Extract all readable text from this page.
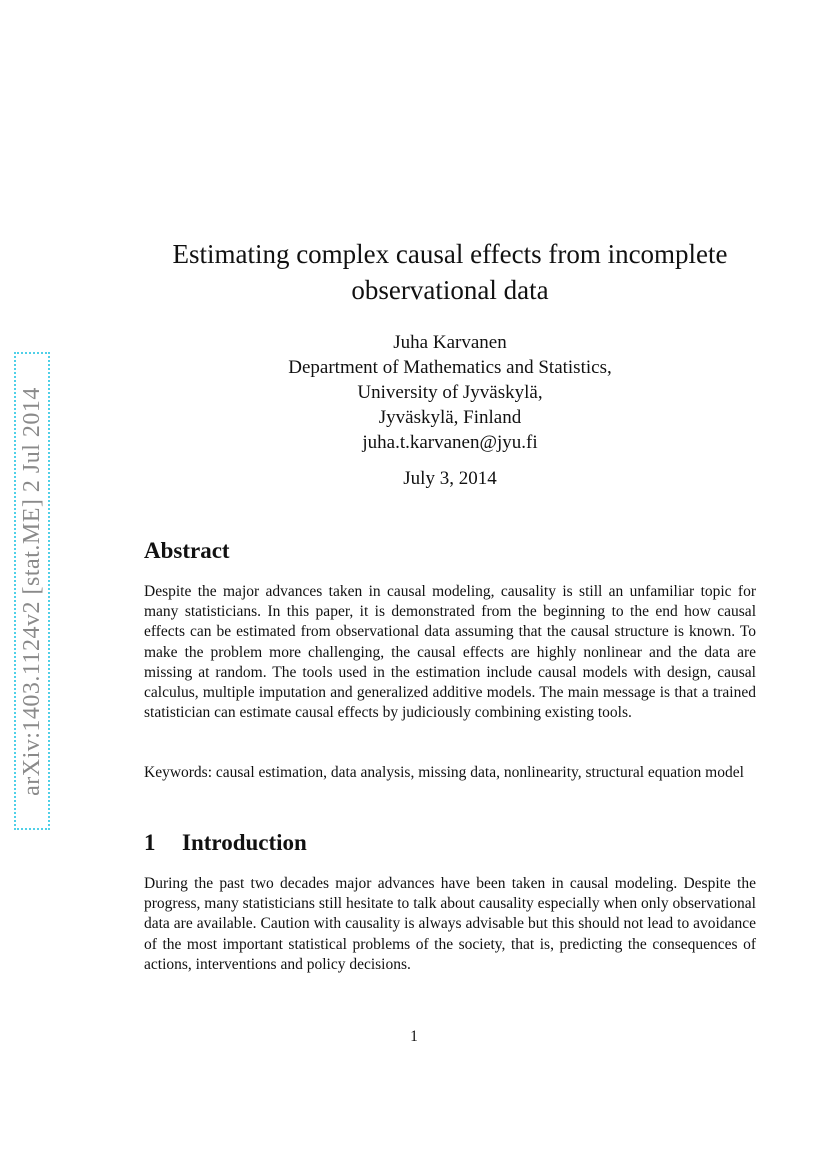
arXiv:1403.1124v2 [stat.ME] 2 Jul 2014
Estimating complex causal effects from incomplete
observational data
Juha Karvanen
Department of Mathematics and Statistics,
University of Jyväskylä,
Jyväskylä, Finland
juha.t.karvanen@jyu.fi
July 3, 2014
Abstract

Despite the major advances taken in causal modeling, causality is still an unfamiliar topic for many statisticians. In this paper, it is demonstrated from the beginning to the end how causal effects can be estimated from observational data assuming that the causal structure is known. To make the problem more challenging, the causal effects are highly nonlinear and the data are missing at random. The tools used in the estimation include causal models with design, causal calculus, multiple imputation and generalized additive models. The main message is that a trained statistician can estimate causal effects by judiciously combining existing tools.

Keywords: causal estimation, data analysis, missing data, nonlinearity, structural equation model

1 Introduction

During the past two decades major advances have been taken in causal modeling. Despite the progress, many statisticians still hesitate to talk about causality especially when only observational data are available. Caution with causality is always advisable but this should not lead to avoidance of the most important statistical problems of the society, that is, predicting the consequences of actions, interventions and policy decisions.

1
